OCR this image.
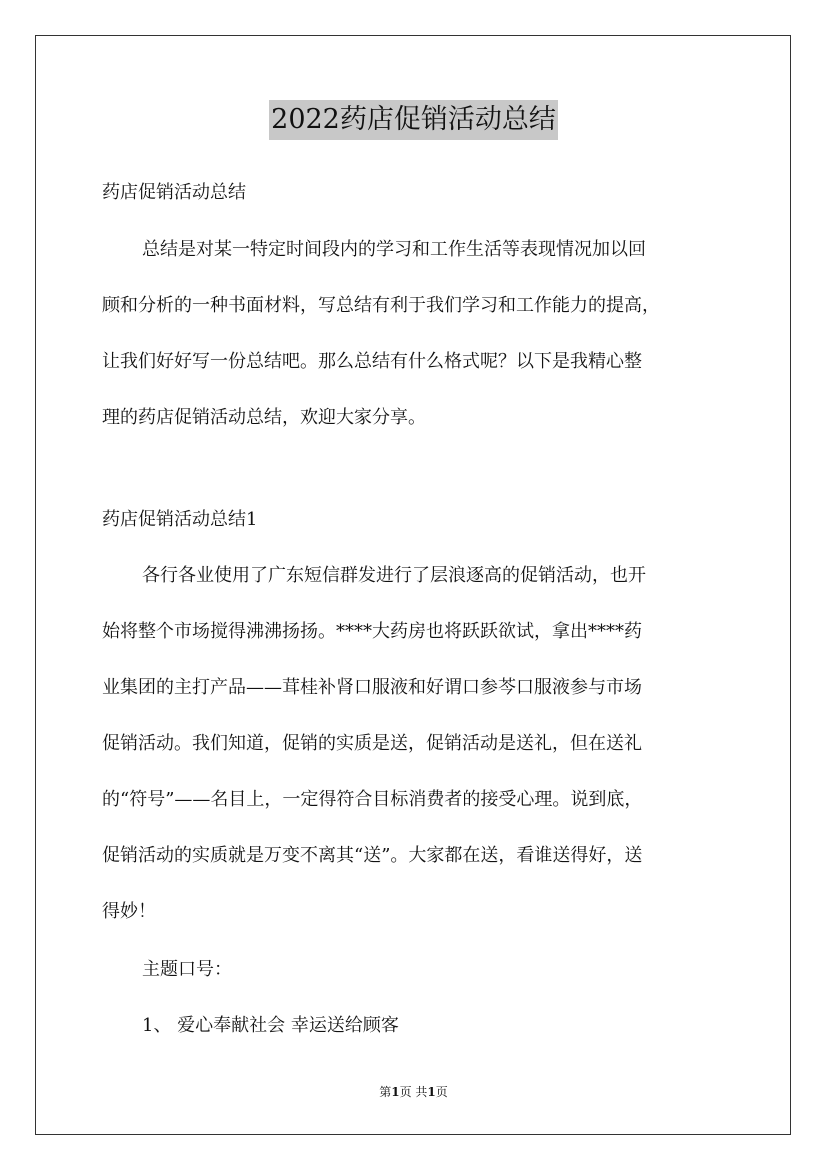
2022药店促销活动总结
药店促销活动总结
总结是对某一特定时间段内的学习和工作生活等表现情况加以回
顾和分析的一种书面材料，写总结有利于我们学习和工作能力的提高，
让我们好好写一份总结吧。那么总结有什么格式呢？以下是我精心整
理的药店促销活动总结，欢迎大家分享。
药店促销活动总结1
各行各业使用了广东短信群发进行了层浪逐高的促销活动，也开
始将整个市场搅得沸沸扬扬。****大药房也将跃跃欲试，拿出****药
业集团的主打产品——茸桂补肾口服液和好谓口参芩口服液参与市场
促销活动。我们知道，促销的实质是送，促销活动是送礼，但在送礼
的“符号”——名目上，一定得符合目标消费者的接受心理。说到底，
促销活动的实质就是万变不离其“送”。大家都在送，看谁送得好，送
得妙！
主题口号：
1、 爱心奉献社会 幸运送给顾客
第1页 共1页
